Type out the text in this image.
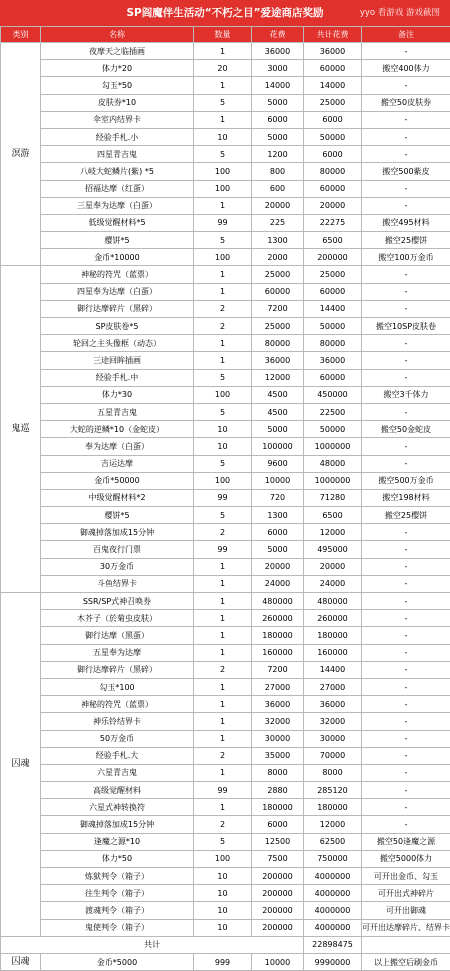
SP阎魔伴生活动“不朽之目”爱途商店奖励	yyo 看游戏 游戏截图
类别	名称	数量	花费	共计花费	备注
溟游	夜摩天之临插画	1	36000	36000	-
	体力*20	20	3000	60000	搬空400体力
	勾玉*50	1	14000	14000	-
	皮肤券*10	5	5000	25000	搬空50皮肤券
	伞室内结界卡	1	6000	6000	-
	经验手札.小	10	5000	50000	-
	四星青吉鬼	5	1200	6000	-
	八岐大蛇鳞片(紫) *5	100	800	80000	搬空500紫皮
	招福达摩（红蛋）	100	600	60000	-
	三星奉为达摩（白蛋）	1	20000	20000	-
	低级觉醒材料*5	99	225	22275	搬空495材料
	樱饼*5	5	1300	6500	搬空25樱饼
	金币*10000	100	2000	200000	搬空100万金币
鬼巡	神秘的符咒（蓝票）	1	25000	25000	-
	四星奉为达摩（白蛋）	1	60000	60000	-
	御行达摩碎片（黑碎）	2	7200	14400	-
	SP皮肤卷*5	2	25000	50000	搬空10SP皮肤卷
	轮回之主头像框（动态）	1	80000	80000	-
	三途回眸插画	1	36000	36000	-
	经验手札.中	5	12000	60000	-
	体力*30	100	4500	450000	搬空3千体力
	五星青吉鬼	5	4500	22500	-
	大蛇的逆鳞*10（金蛇皮）	10	5000	50000	搬空50金蛇皮
	奉为达摩（白蛋）	10	100000	1000000	-
	吉运达摩	5	9600	48000	-
	金币*50000	100	10000	1000000	搬空500万金币
	中级觉醒材料*2	99	720	71280	搬空198材料
	樱饼*5	5	1300	6500	搬空25樱饼
	御魂掉落加成15分钟	2	6000	12000	-
	百鬼夜行门票	99	5000	495000	-
	30万金币	1	20000	20000	-
	斗鱼结界卡	1	24000	24000	-
囚魂	SSR/SP式神召唤券	1	480000	480000	-
	木芥子（於菊虫皮肤）	1	260000	260000	-
	御行达摩（黑蛋）	1	180000	180000	-
	五星奉为达摩	1	160000	160000	-
	御行达摩碎片（黑碎）	2	7200	14400	-
	勾玉*100	1	27000	27000	-
	神秘的符咒（蓝票）	1	36000	36000	-
	神乐铃结界卡	1	32000	32000	-
	50万金币	1	30000	30000	-
	经验手札.大	2	35000	70000	-
	六星青吉鬼	1	8000	8000	-
	高级觉醒材料	99	2880	285120	-
	六星式神转换符	1	180000	180000	-
	御魂掉落加成15分钟	2	6000	12000	-
	逢魔之源*10	5	12500	62500	搬空50逢魔之源
	体力*50	100	7500	750000	搬空5000体力
	炼狱判令（箱子）	10	200000	4000000	可开出金币、勾玉
	往生判令（箱子）	10	200000	4000000	可开出式神碎片
	渡魂判令（箱子）	10	200000	4000000	可开出御魂
	鬼使判令（箱子）	10	200000	4000000	可开出达摩碎片、结界卡
共计				22898475	
囚魂	金币*5000	999	10000	9990000	以上搬空后刷金币
